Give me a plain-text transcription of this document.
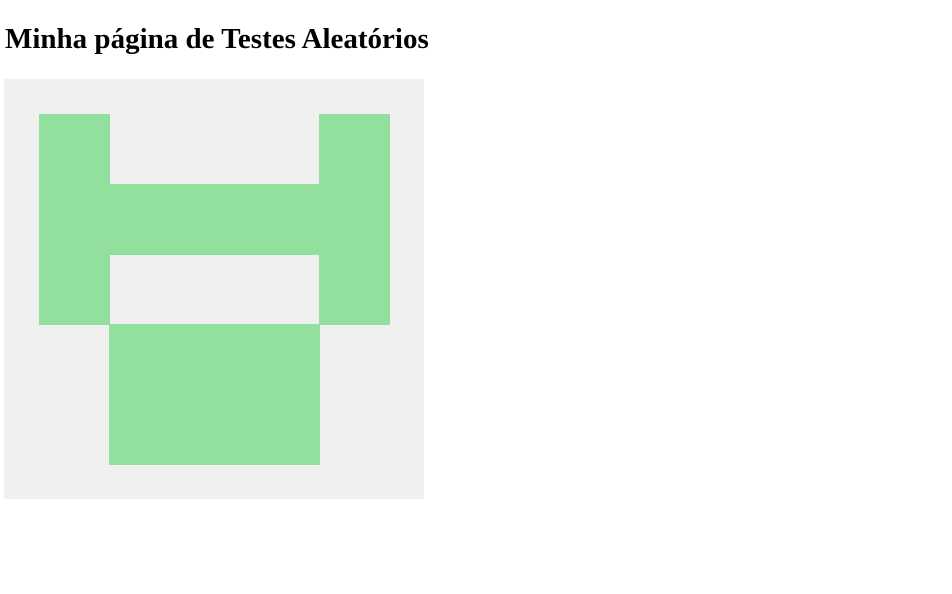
Minha página de Testes Aleatórios
